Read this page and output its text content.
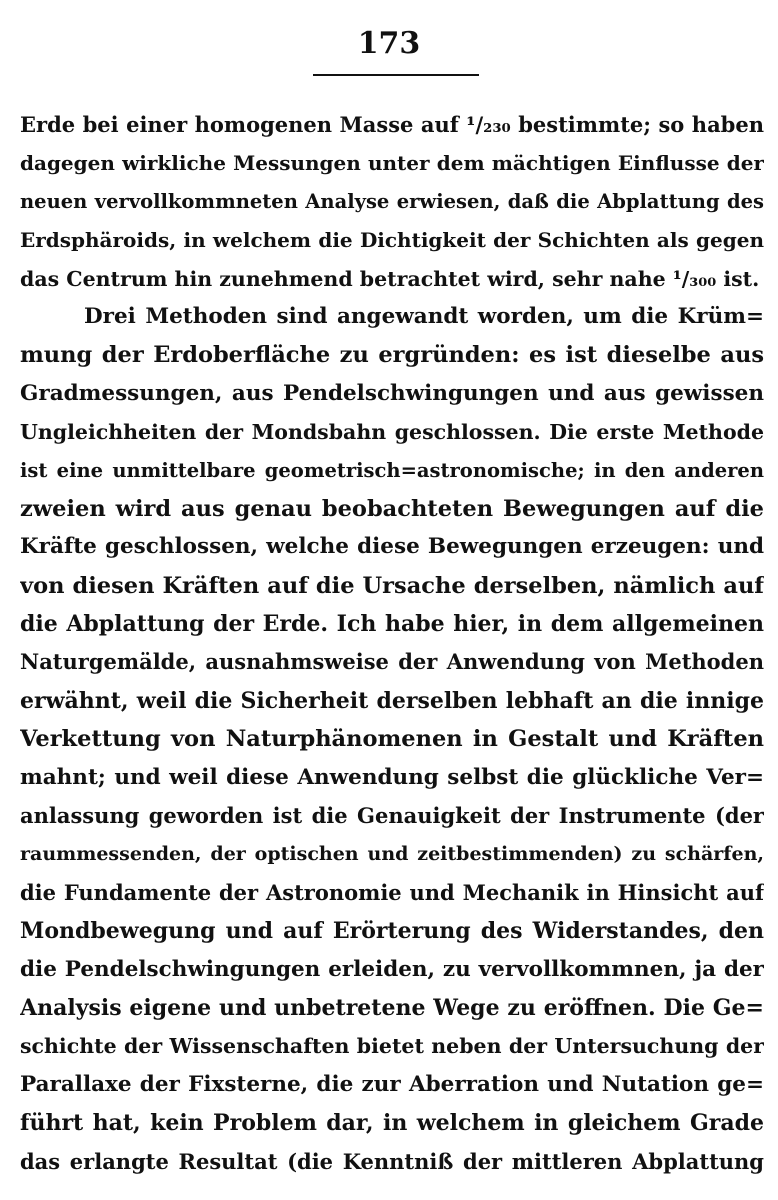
173
Erde bei einer homogenen Masse auf ¹/₂₃₀ bestimmte; so haben
dagegen wirkliche Messungen unter dem mächtigen Einflusse der
neuen vervollkommneten Analyse erwiesen, daß die Abplattung des
Erdsphäroids, in welchem die Dichtigkeit der Schichten als gegen
das Centrum hin zunehmend betrachtet wird, sehr nahe ¹/₃₀₀ ist.
Drei Methoden sind angewandt worden, um die Krüm=
mung der Erdoberfläche zu ergründen: es ist dieselbe aus
Gradmessungen, aus Pendelschwingungen und aus gewissen
Ungleichheiten der Mondsbahn geschlossen. Die erste Methode
ist eine unmittelbare geometrisch=astronomische; in den anderen
zweien wird aus genau beobachteten Bewegungen auf die
Kräfte geschlossen, welche diese Bewegungen erzeugen: und
von diesen Kräften auf die Ursache derselben, nämlich auf
die Abplattung der Erde. Ich habe hier, in dem allgemeinen
Naturgemälde, ausnahmsweise der Anwendung von Methoden
erwähnt, weil die Sicherheit derselben lebhaft an die innige
Verkettung von Naturphänomenen in Gestalt und Kräften
mahnt; und weil diese Anwendung selbst die glückliche Ver=
anlassung geworden ist die Genauigkeit der Instrumente (der
raummessenden, der optischen und zeitbestimmenden) zu schärfen,
die Fundamente der Astronomie und Mechanik in Hinsicht auf
Mondbewegung und auf Erörterung des Widerstandes, den
die Pendelschwingungen erleiden, zu vervollkommnen, ja der
Analysis eigene und unbetretene Wege zu eröffnen. Die Ge=
schichte der Wissenschaften bietet neben der Untersuchung der
Parallaxe der Fixsterne, die zur Aberration und Nutation ge=
führt hat, kein Problem dar, in welchem in gleichem Grade
das erlangte Resultat (die Kenntniß der mittleren Abplattung
